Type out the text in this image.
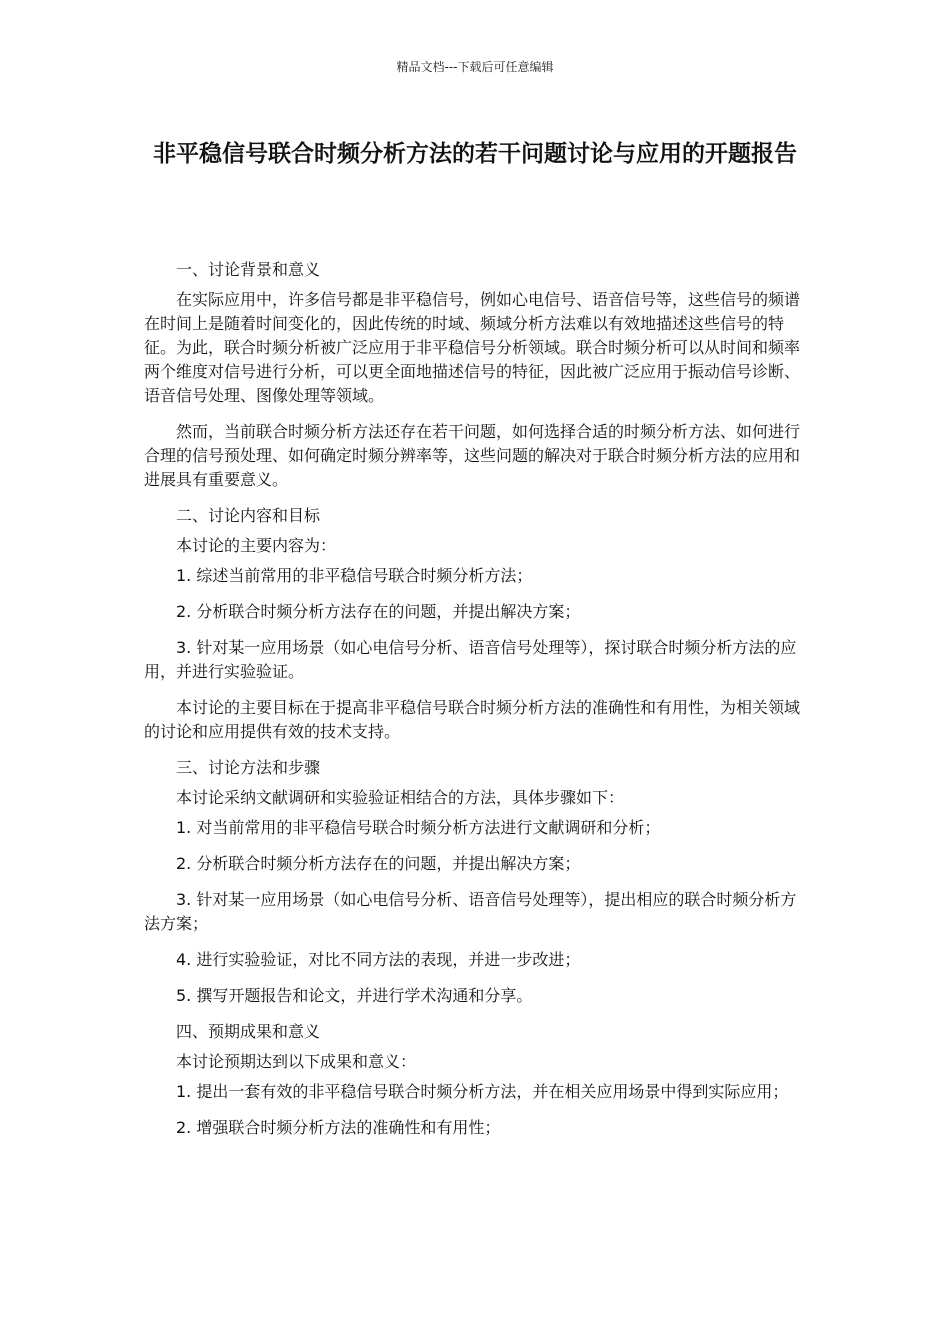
精品文档---下载后可任意编辑
非平稳信号联合时频分析方法的若干问题讨论与应用的开题报告

一、讨论背景和意义

在实际应用中，许多信号都是非平稳信号，例如心电信号、语音信号等，这些信号的频谱在时间上是随着时间变化的，因此传统的时域、频域分析方法难以有效地描述这些信号的特征。为此，联合时频分析被广泛应用于非平稳信号分析领域。联合时频分析可以从时间和频率两个维度对信号进行分析，可以更全面地描述信号的特征，因此被广泛应用于振动信号诊断、语音信号处理、图像处理等领域。

然而，当前联合时频分析方法还存在若干问题，如何选择合适的时频分析方法、如何进行合理的信号预处理、如何确定时频分辨率等，这些问题的解决对于联合时频分析方法的应用和进展具有重要意义。

二、讨论内容和目标

本讨论的主要内容为：

1. 综述当前常用的非平稳信号联合时频分析方法；

2. 分析联合时频分析方法存在的问题，并提出解决方案；

3. 针对某一应用场景（如心电信号分析、语音信号处理等），探讨联合时频分析方法的应用，并进行实验验证。

本讨论的主要目标在于提高非平稳信号联合时频分析方法的准确性和有用性，为相关领域的讨论和应用提供有效的技术支持。

三、讨论方法和步骤

本讨论采纳文献调研和实验验证相结合的方法，具体步骤如下：

1. 对当前常用的非平稳信号联合时频分析方法进行文献调研和分析；

2. 分析联合时频分析方法存在的问题，并提出解决方案；

3. 针对某一应用场景（如心电信号分析、语音信号处理等），提出相应的联合时频分析方法方案；

4. 进行实验验证，对比不同方法的表现，并进一步改进；

5. 撰写开题报告和论文，并进行学术沟通和分享。

四、预期成果和意义

本讨论预期达到以下成果和意义：

1. 提出一套有效的非平稳信号联合时频分析方法，并在相关应用场景中得到实际应用；

2. 增强联合时频分析方法的准确性和有用性；
